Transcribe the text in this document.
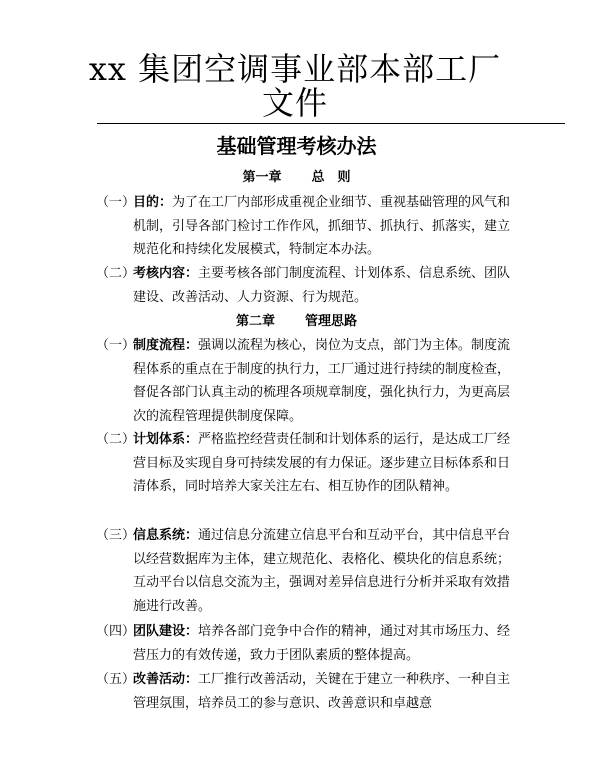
xx 集团空调事业部本部工厂
文件
基础管理考核办法
第一章 总　则
（一）
目的：为了在工厂内部形成重视企业细节、重视基础管理的风气和机制，引导各部门检讨工作作风，抓细节、抓执行、抓落实，建立规范化和持续化发展模式，特制定本办法。
（二）
考核内容：主要考核各部门制度流程、计划体系、信息系统、团队建设、改善活动、人力资源、行为规范。
第二章 管理思路
（一）
制度流程：强调以流程为核心，岗位为支点，部门为主体。制度流程体系的重点在于制度的执行力，工厂通过进行持续的制度检查，督促各部门认真主动的梳理各项规章制度，强化执行力，为更高层次的流程管理提供制度保障。
（二）
计划体系：严格监控经营责任制和计划体系的运行，是达成工厂经营目标及实现自身可持续发展的有力保证。逐步建立目标体系和日清体系，同时培养大家关注左右、相互协作的团队精神。
（三）
信息系统：通过信息分流建立信息平台和互动平台，其中信息平台以经营数据库为主体，建立规范化、表格化、模块化的信息系统；互动平台以信息交流为主，强调对差异信息进行分析并采取有效措施进行改善。
（四）
团队建设：培养各部门竞争中合作的精神，通过对其市场压力、经营压力的有效传递，致力于团队素质的整体提高。
（五）
改善活动：工厂推行改善活动，关键在于建立一种秩序、一种自主管理氛围，培养员工的参与意识、改善意识和卓越意
